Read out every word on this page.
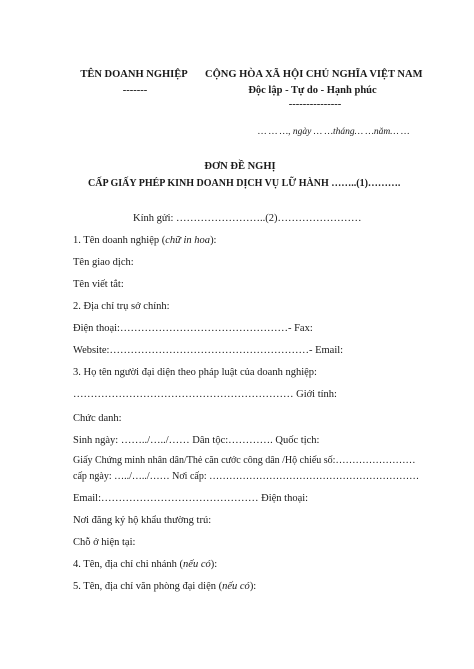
TÊN DOANH NGHIỆP
-------
CỘNG HÒA XÃ HỘI CHỦ NGHĨA VIỆT NAM
Độc lập - Tự do - Hạnh phúc
---------------
… … …, ngày … …tháng… …năm… …
ĐƠN ĐỀ NGHỊ
CẤP GIẤY PHÉP KINH DOANH DỊCH VỤ LỮ HÀNH ……..(1)……….
Kính gửi: ……………………..(2)……………………
1. Tên doanh nghiệp (chữ in hoa):
Tên giao dịch:
Tên viết tắt:
2. Địa chỉ trụ sở chính:
Điện thoại:…………………………………………- Fax:
Website:…………………………………………………- Email:
3. Họ tên người đại diện theo pháp luật của doanh nghiệp:
……………………………………………………… Giới tính:
Chức danh:
Sinh ngày: ……../…../…… Dân tộc:…………. Quốc tịch:
Giấy Chứng minh nhân dân/Thẻ căn cước công dân /Hộ chiếu số:……………………
cấp ngày: …../…../…… Nơi cấp: ………………………………………………………
Email:……………………………………… Điện thoại:
Nơi đăng ký hộ khẩu thường trú:
Chỗ ở hiện tại:
4. Tên, địa chỉ chi nhánh (nếu có):
5. Tên, địa chỉ văn phòng đại diện (nếu có):
